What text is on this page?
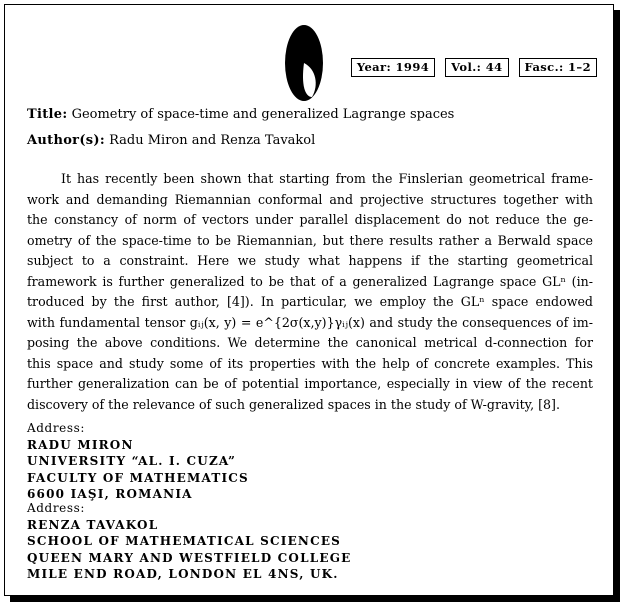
Year: 1994	Vol.: 44	Fasc.: 1–2
Title: Geometry of space-time and generalized Lagrange spaces
Author(s): Radu Miron and Renza Tavakol
It has recently been shown that starting from the Finslerian geometrical frame-
work and demanding Riemannian conformal and projective structures together with
the constancy of norm of vectors under parallel displacement do not reduce the ge-
ometry of the space-time to be Riemannian, but there results rather a Berwald space
subject to a constraint. Here we study what happens if the starting geometrical
framework is further generalized to be that of a generalized Lagrange space GLⁿ (in-
troduced by the first author, [4]). In particular, we employ the GLⁿ space endowed
with fundamental tensor gᵢⱼ(x, y) = e^{2σ(x,y)}γᵢⱼ(x) and study the consequences of im-
posing the above conditions. We determine the canonical metrical d-connection for
this space and study some of its properties with the help of concrete examples. This
further generalization can be of potential importance, especially in view of the recent
discovery of the relevance of such generalized spaces in the study of W-gravity, [8].
Address:
RADU MIRON
UNIVERSITY “AL. I. CUZA”
FACULTY OF MATHEMATICS
6600 IAŞI, ROMANIA
Address:
RENZA TAVAKOL
SCHOOL OF MATHEMATICAL SCIENCES
QUEEN MARY AND WESTFIELD COLLEGE
MILE END ROAD, LONDON EL 4NS, UK.
